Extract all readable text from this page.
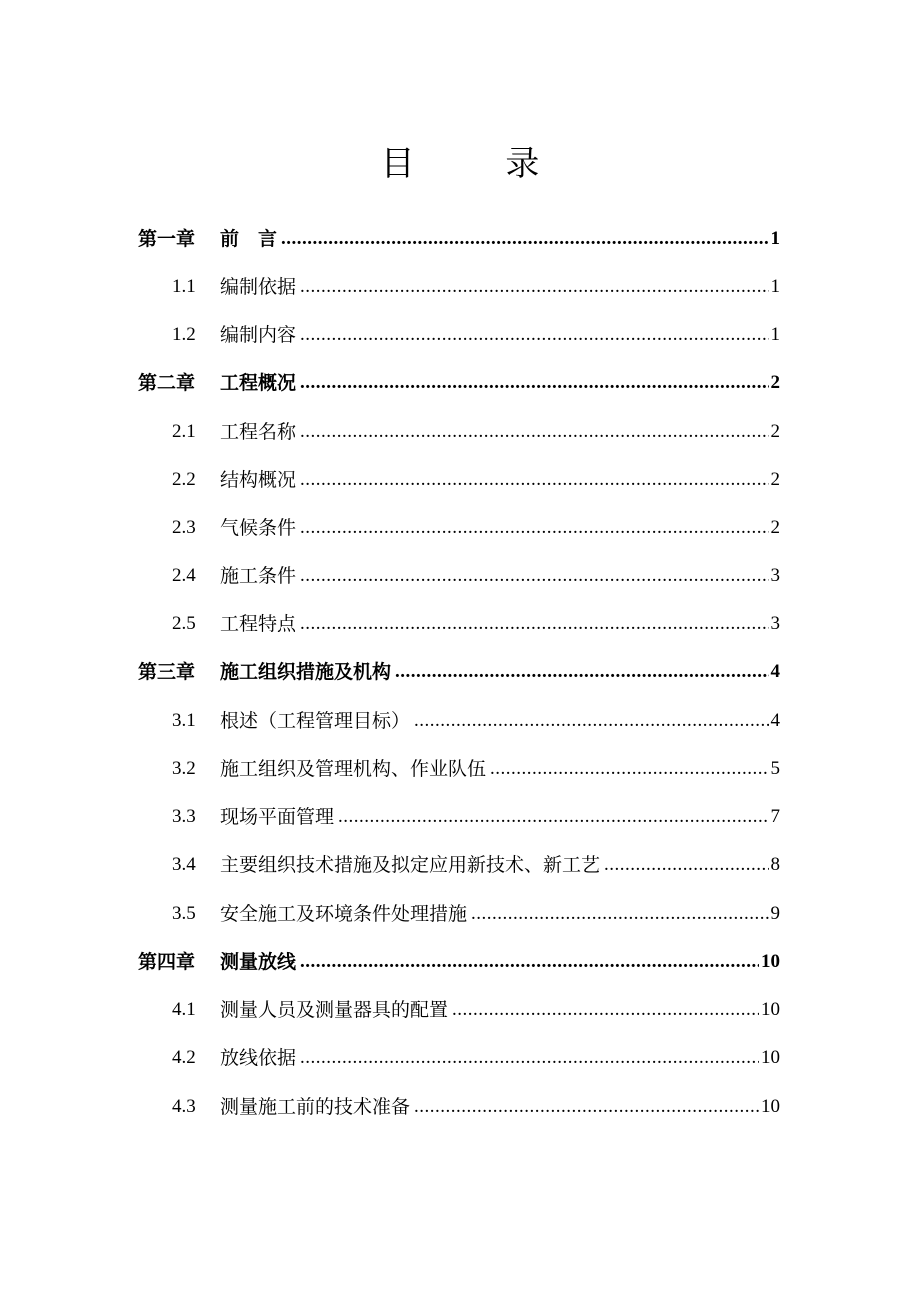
目 录
第一章	前　言 .....	1
1.1	编制依据 .....	1
1.2	编制内容 .....	1
第二章	工程概况 .....	2
2.1	工程名称 .....	2
2.2	结构概况 .....	2
2.3	气候条件 .....	2
2.4	施工条件 .....	3
2.5	工程特点 .....	3
第三章	施工组织措施及机构 .....	4
3.1	根述（工程管理目标） .....	4
3.2	施工组织及管理机构、作业队伍 .....	5
3.3	现场平面管理 .....	7
3.4	主要组织技术措施及拟定应用新技术、新工艺 .....	8
3.5	安全施工及环境条件处理措施 .....	9
第四章	测量放线 .....	10
4.1	测量人员及测量器具的配置 .....	10
4.2	放线依据 .....	10
4.3	测量施工前的技术准备 .....	10
